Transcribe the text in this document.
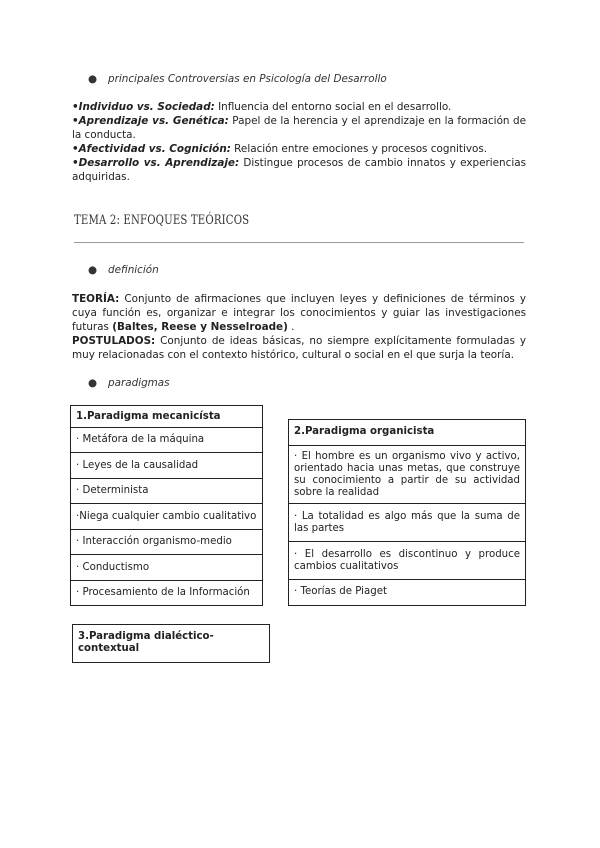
● principales Controversias en Psicología del Desarrollo

•Individuo vs. Sociedad: Influencia del entorno social en el desarrollo.

•Aprendizaje vs. Genética: Papel de la herencia y el aprendizaje en la formación de la conducta.

•Afectividad vs. Cognición: Relación entre emociones y procesos cognitivos.

•Desarrollo vs. Aprendizaje: Distingue procesos de cambio innatos y experiencias adquiridas.

TEMA 2: ENFOQUES TEÓRICOS
● definición

TEORÍA: Conjunto de afirmaciones que incluyen leyes y definiciones de términos y cuya función es, organizar e integrar los conocimientos y guiar las investigaciones futuras (Baltes, Reese y Nesselroade) .

POSTULADOS: Conjunto de ideas básicas, no siempre explícitamente formuladas y muy relacionadas con el contexto histórico, cultural o social en el que surja la teoría.

● paradigmas
1.Paradigma mecanicísta
· Metáfora de la máquina
· Leyes de la causalidad
· Determinista
·Niega cualquier cambio cualitativo
· Interacción organismo-medio
· Conductismo
· Procesamiento de la Información
2.Paradigma organicista
· El hombre es un organismo vivo y activo, orientado hacia unas metas, que construye su conocimiento a partir de su actividad sobre la realidad
· La totalidad es algo más que la suma de las partes
· El desarrollo es discontinuo y produce cambios cualitativos
· Teorías de Piaget
3.Paradigma dialéctico- contextual
